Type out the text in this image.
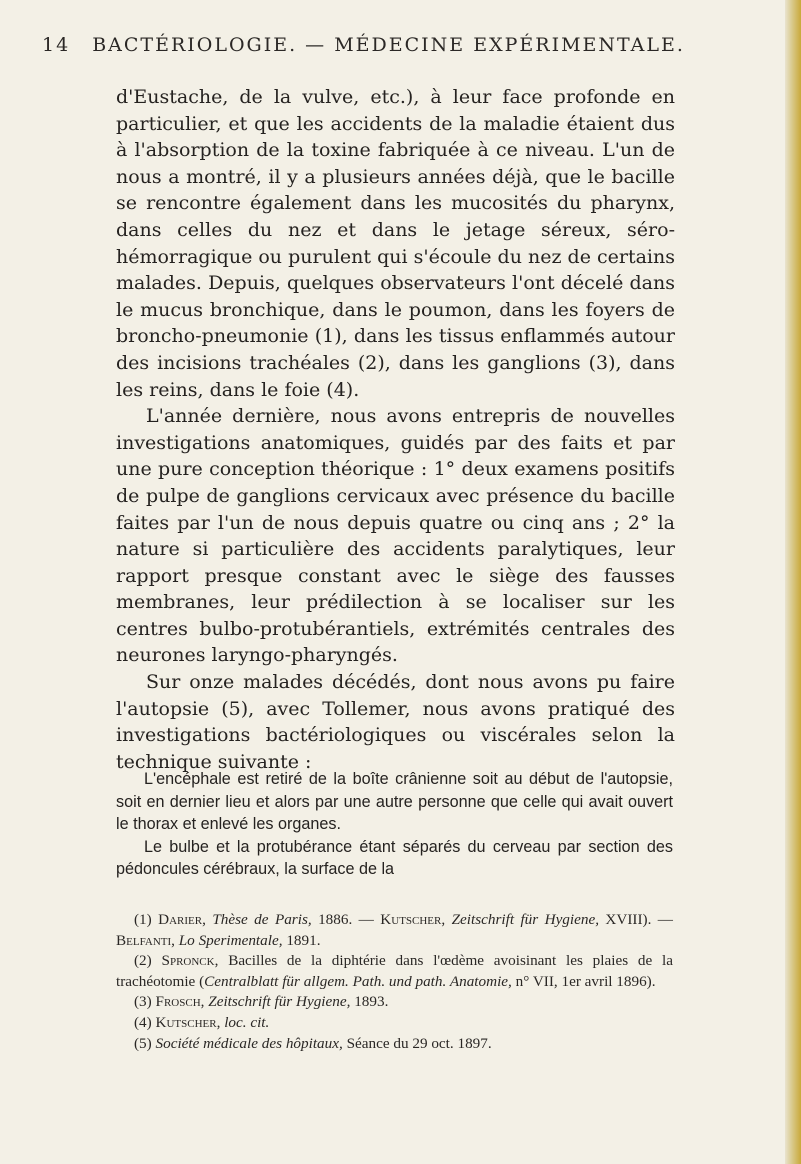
14 BACTÉRIOLOGIE. — MÉDECINE EXPÉRIMENTALE.

d'Eustache, de la vulve, etc.), à leur face profonde en particulier, et que les accidents de la maladie étaient dus à l'absorption de la toxine fabriquée à ce niveau. L'un de nous a montré, il y a plusieurs années déjà, que le bacille se rencontre également dans les mucosités du pharynx, dans celles du nez et dans le jetage séreux, séro-hémorragique ou purulent qui s'écoule du nez de certains malades. Depuis, quelques observateurs l'ont décelé dans le mucus bronchique, dans le poumon, dans les foyers de broncho-pneumonie (1), dans les tissus enflammés autour des incisions trachéales (2), dans les ganglions (3), dans les reins, dans le foie (4).

L'année dernière, nous avons entrepris de nouvelles investigations anatomiques, guidés par des faits et par une pure conception théorique : 1° deux examens positifs de pulpe de ganglions cervicaux avec présence du bacille faites par l'un de nous depuis quatre ou cinq ans ; 2° la nature si particulière des accidents paralytiques, leur rapport presque constant avec le siège des fausses membranes, leur prédilection à se localiser sur les centres bulbo-protubérantiels, extrémités centrales des neurones laryngo-pharyngés.

Sur onze malades décédés, dont nous avons pu faire l'autopsie (5), avec Tollemer, nous avons pratiqué des investigations bactériologiques ou viscérales selon la technique suivante :

L'encéphale est retiré de la boîte crânienne soit au début de l'autopsie, soit en dernier lieu et alors par une autre personne que celle qui avait ouvert le thorax et enlevé les organes.

Le bulbe et la protubérance étant séparés du cerveau par section des pédoncules cérébraux, la surface de la

(1) Darier, Thèse de Paris, 1886. — Kutscher, Zeitschrift für Hygiene, XVIII). — Belfanti, Lo Sperimentale, 1891.

(2) Spronck, Bacilles de la diphtérie dans l'œdème avoisinant les plaies de la trachéotomie (Centralblatt für allgem. Path. und path. Anatomie, n° VII, 1er avril 1896).

(3) Frosch, Zeitschrift für Hygiene, 1893.

(4) Kutscher, loc. cit.

(5) Société médicale des hôpitaux, Séance du 29 oct. 1897.
